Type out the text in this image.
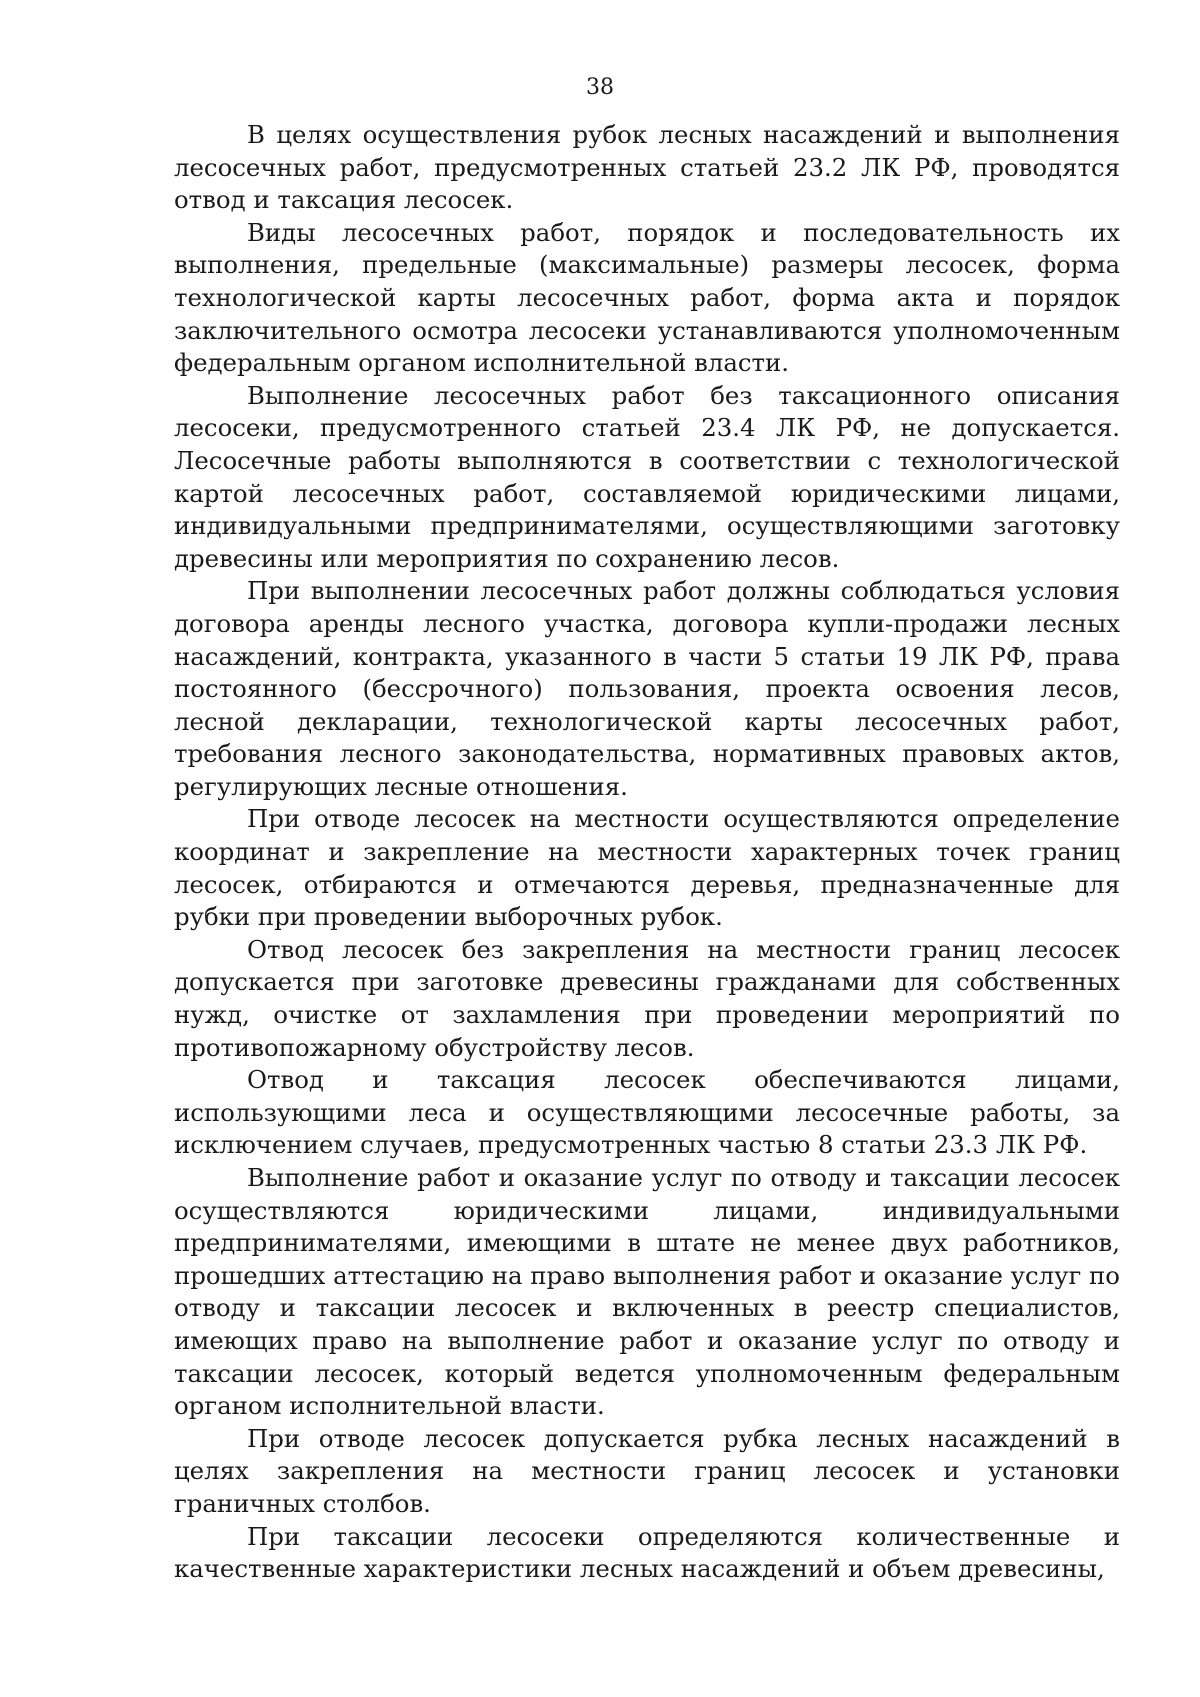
38

В целях осуществления рубок лесных насаждений и выполнения лесосечных работ, предусмотренных статьей 23.2 ЛК РФ, проводятся отвод и таксация лесосек.

Виды лесосечных работ, порядок и последовательность их выполнения, предельные (максимальные) размеры лесосек, форма технологической карты лесосечных работ, форма акта и порядок заключительного осмотра лесосеки устанавливаются уполномоченным федеральным органом исполнительной власти.

Выполнение лесосечных работ без таксационного описания лесосеки, предусмотренного статьей 23.4 ЛК РФ, не допускается. Лесосечные работы выполняются в соответствии с технологической картой лесосечных работ, составляемой юридическими лицами, индивидуальными предпринимателями, осуществляющими заготовку древесины или мероприятия по сохранению лесов.

При выполнении лесосечных работ должны соблюдаться условия договора аренды лесного участка, договора купли-продажи лесных насаждений, контракта, указанного в части 5 статьи 19 ЛК РФ, права постоянного (бессрочного) пользования, проекта освоения лесов, лесной декларации, технологической карты лесосечных работ, требования лесного законодательства, нормативных правовых актов, регулирующих лесные отношения.

При отводе лесосек на местности осуществляются определение координат и закрепление на местности характерных точек границ лесосек, отбираются и отмечаются деревья, предназначенные для рубки при проведении выборочных рубок.

Отвод лесосек без закрепления на местности границ лесосек допускается при заготовке древесины гражданами для собственных нужд, очистке от захламления при проведении мероприятий по противопожарному обустройству лесов.

Отвод и таксация лесосек обеспечиваются лицами, использующими леса и осуществляющими лесосечные работы, за исключением случаев, предусмотренных частью 8 статьи 23.3 ЛК РФ.

Выполнение работ и оказание услуг по отводу и таксации лесосек осуществляются юридическими лицами, индивидуальными предпринимателями, имеющими в штате не менее двух работников, прошедших аттестацию на право выполнения работ и оказание услуг по отводу и таксации лесосек и включенных в реестр специалистов, имеющих право на выполнение работ и оказание услуг по отводу и таксации лесосек, который ведется уполномоченным федеральным органом исполнительной власти.

При отводе лесосек допускается рубка лесных насаждений в целях закрепления на местности границ лесосек и установки граничных столбов.

При таксации лесосеки определяются количественные и качественные характеристики лесных насаждений и объем древесины,
